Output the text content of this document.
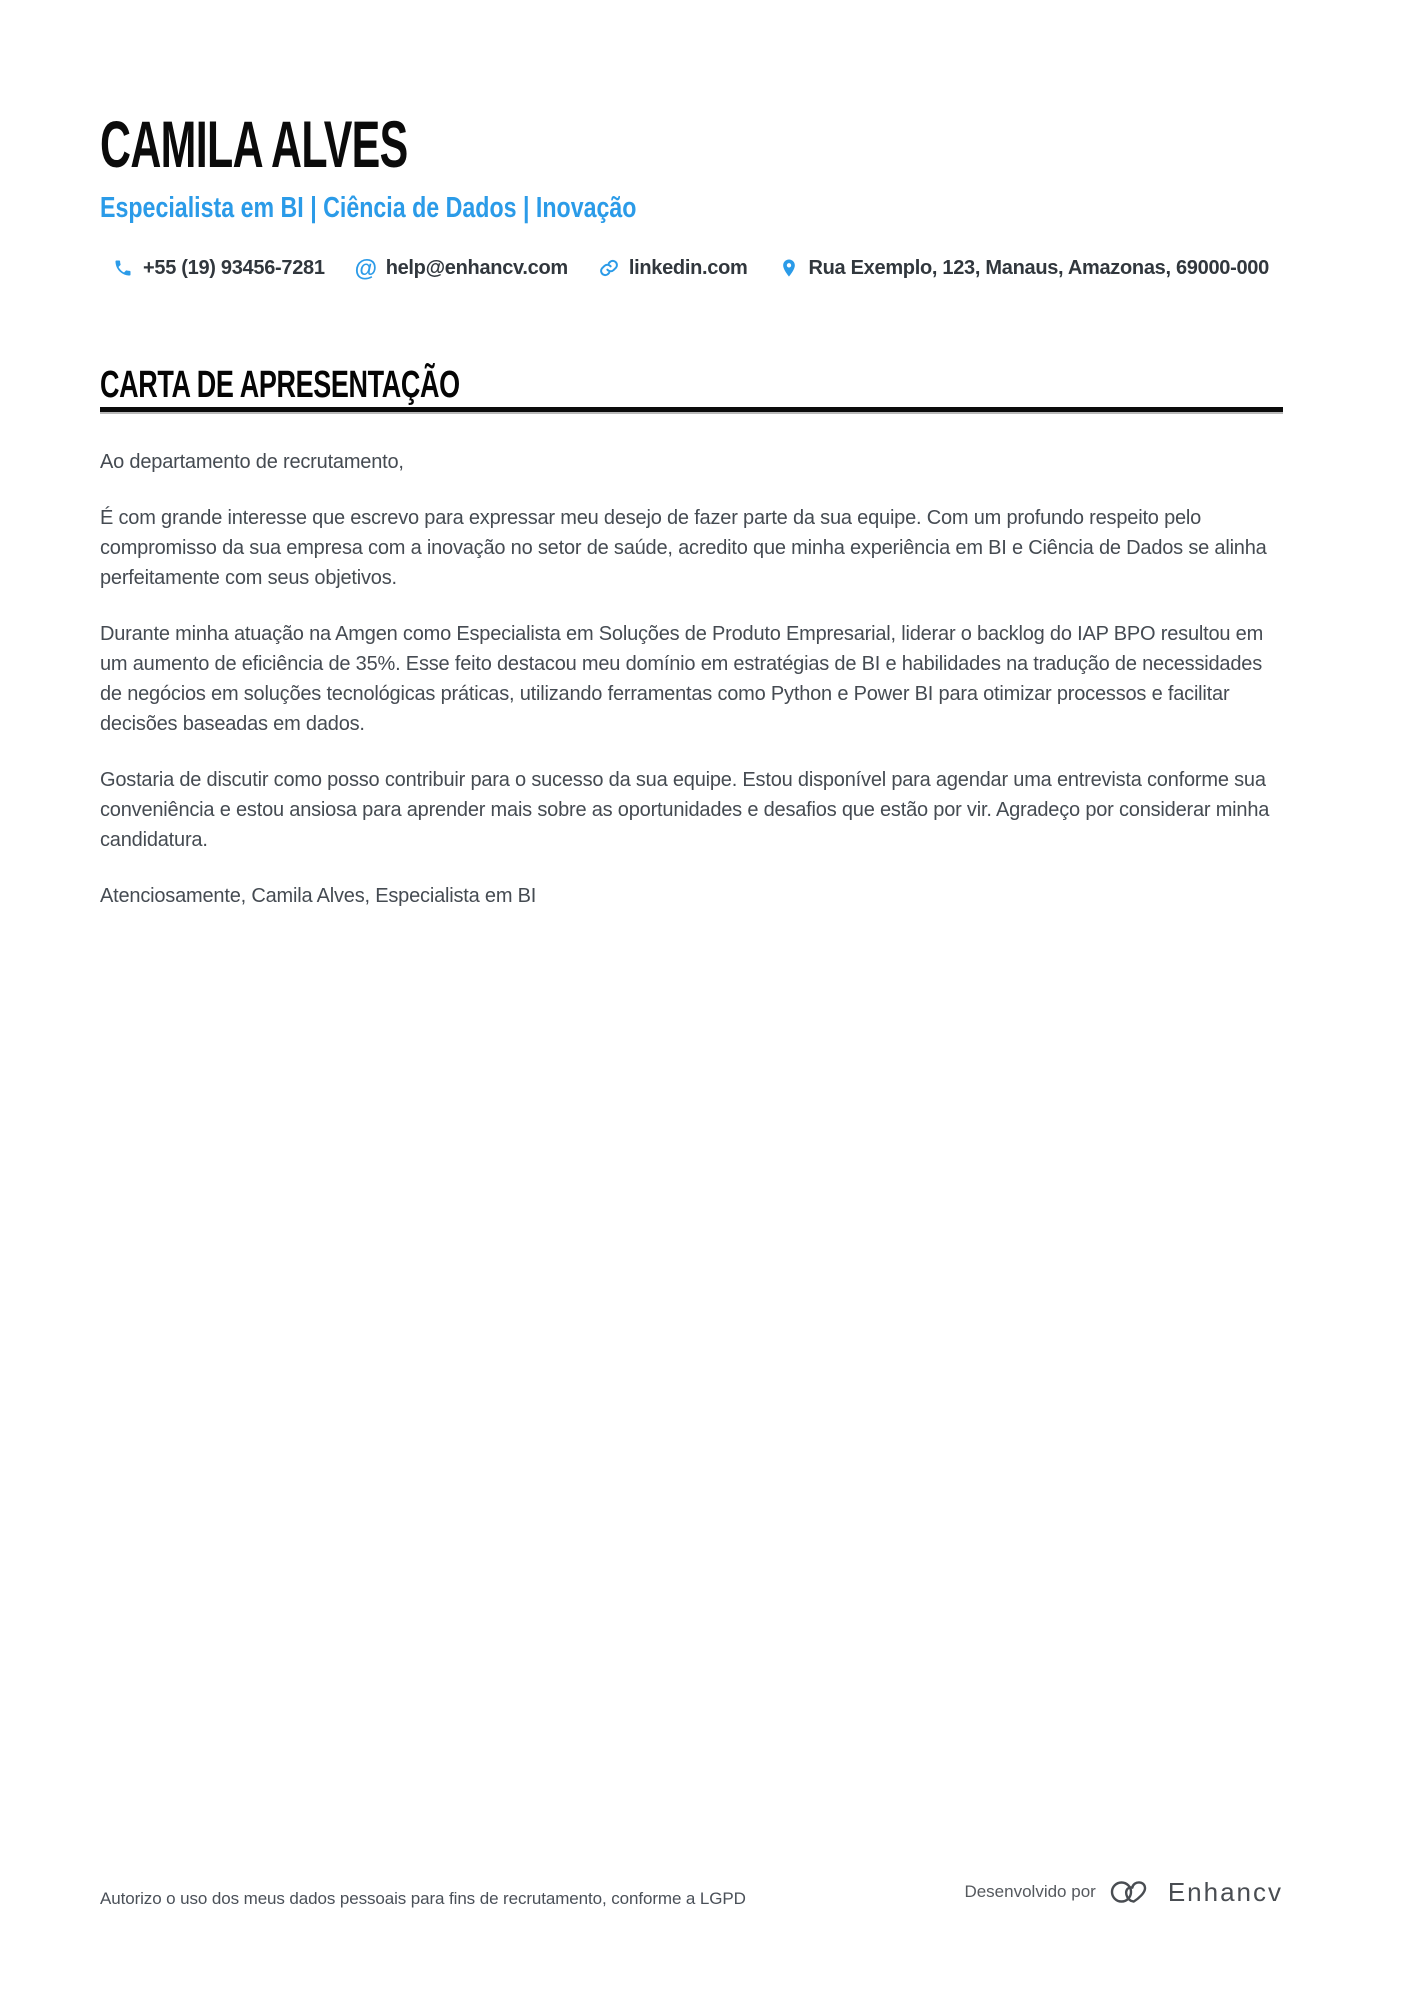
CAMILA ALVES
Especialista em BI | Ciência de Dados | Inovação
+55 (19) 93456-7281 @ help@enhancv.com	linkedin.com	Rua Exemplo, 123, Manaus, Amazonas, 69000-000
CARTA DE APRESENTAÇÃO

Ao departamento de recrutamento,

É com grande interesse que escrevo para expressar meu desejo de fazer parte da sua equipe. Com um profundo respeito pelo compromisso da sua empresa com a inovação no setor de saúde, acredito que minha experiência em BI e Ciência de Dados se alinha perfeitamente com seus objetivos.

Durante minha atuação na Amgen como Especialista em Soluções de Produto Empresarial, liderar o backlog do IAP BPO resultou em um aumento de eficiência de 35%. Esse feito destacou meu domínio em estratégias de BI e habilidades na tradução de necessidades de negócios em soluções tecnológicas práticas, utilizando ferramentas como Python e Power BI para otimizar processos e facilitar decisões baseadas em dados.

Gostaria de discutir como posso contribuir para o sucesso da sua equipe. Estou disponível para agendar uma entrevista conforme sua conveniência e estou ansiosa para aprender mais sobre as oportunidades e desafios que estão por vir. Agradeço por considerar minha candidatura.

Atenciosamente, Camila Alves, Especialista em BI

Autorizo o uso dos meus dados pessoais para fins de recrutamento, conforme a LGPD	Desenvolvido por	Enhancv
